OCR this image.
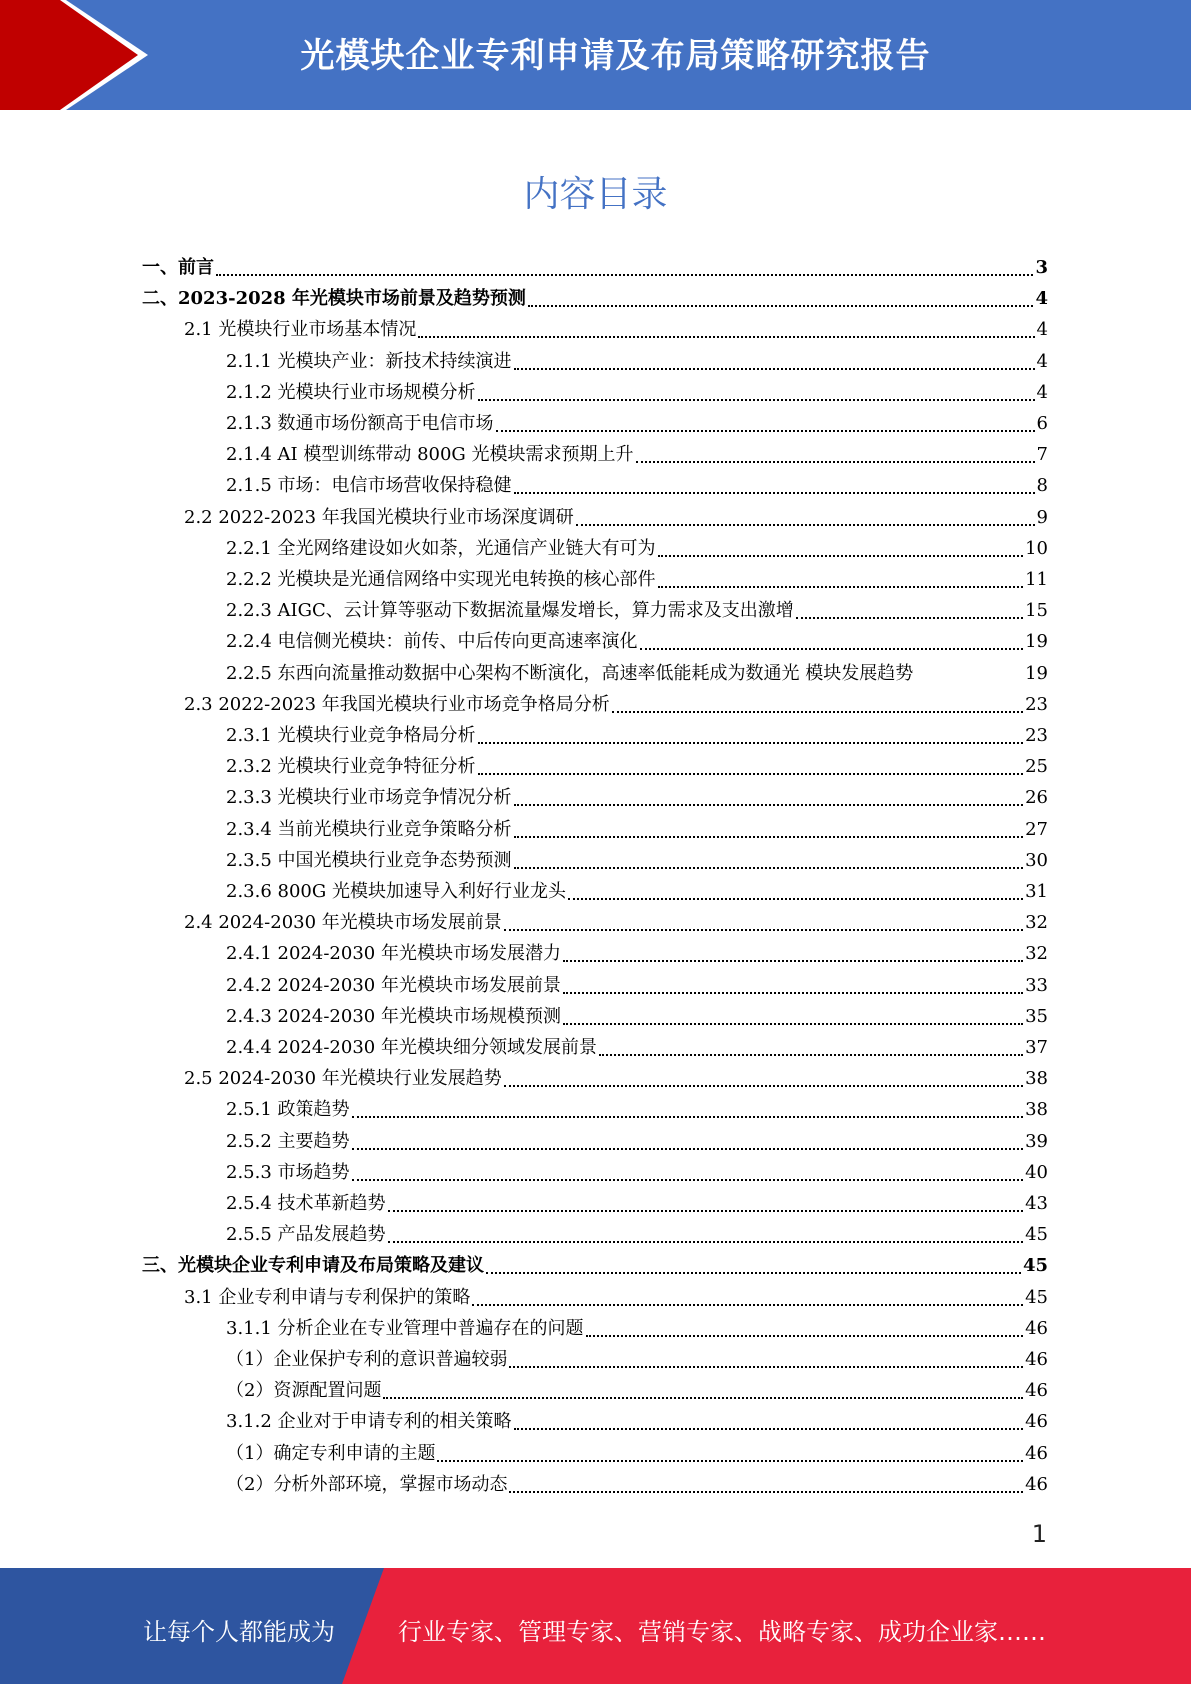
光模块企业专利申请及布局策略研究报告
内容目录
一、前言	3
二、2023-2028 年光模块市场前景及趋势预测	4
2.1 光模块行业市场基本情况	4
2.1.1 光模块产业：新技术持续演进	4
2.1.2 光模块行业市场规模分析	4
2.1.3 数通市场份额高于电信市场	6
2.1.4 AI 模型训练带动 800G 光模块需求预期上升	7
2.1.5 市场：电信市场营收保持稳健	8
2.2 2022-2023 年我国光模块行业市场深度调研	9
2.2.1 全光网络建设如火如荼，光通信产业链大有可为	10
2.2.2 光模块是光通信网络中实现光电转换的核心部件	11
2.2.3 AIGC、云计算等驱动下数据流量爆发增长，算力需求及支出激增	15
2.2.4 电信侧光模块：前传、中后传向更高速率演化	19
2.2.5 东西向流量推动数据中心架构不断演化，高速率低能耗成为数通光 模块发展趋势	19
2.3 2022-2023 年我国光模块行业市场竞争格局分析	23
2.3.1 光模块行业竞争格局分析	23
2.3.2 光模块行业竞争特征分析	25
2.3.3 光模块行业市场竞争情况分析	26
2.3.4 当前光模块行业竞争策略分析	27
2.3.5 中国光模块行业竞争态势预测	30
2.3.6 800G 光模块加速导入利好行业龙头	31
2.4 2024-2030 年光模块市场发展前景	32
2.4.1 2024-2030 年光模块市场发展潜力	32
2.4.2 2024-2030 年光模块市场发展前景	33
2.4.3 2024-2030 年光模块市场规模预测	35
2.4.4 2024-2030 年光模块细分领域发展前景	37
2.5 2024-2030 年光模块行业发展趋势	38
2.5.1 政策趋势	38
2.5.2 主要趋势	39
2.5.3 市场趋势	40
2.5.4 技术革新趋势	43
2.5.5 产品发展趋势	45
三、光模块企业专利申请及布局策略及建议	45
3.1 企业专利申请与专利保护的策略	45
3.1.1 分析企业在专业管理中普遍存在的问题	46
（1）企业保护专利的意识普遍较弱	46
（2）资源配置问题	46
3.1.2 企业对于申请专利的相关策略	46
（1）确定专利申请的主题	46
（2）分析外部环境，掌握市场动态	46
1
让每个人都能成为	行业专家、管理专家、营销专家、战略专家、成功企业家……
